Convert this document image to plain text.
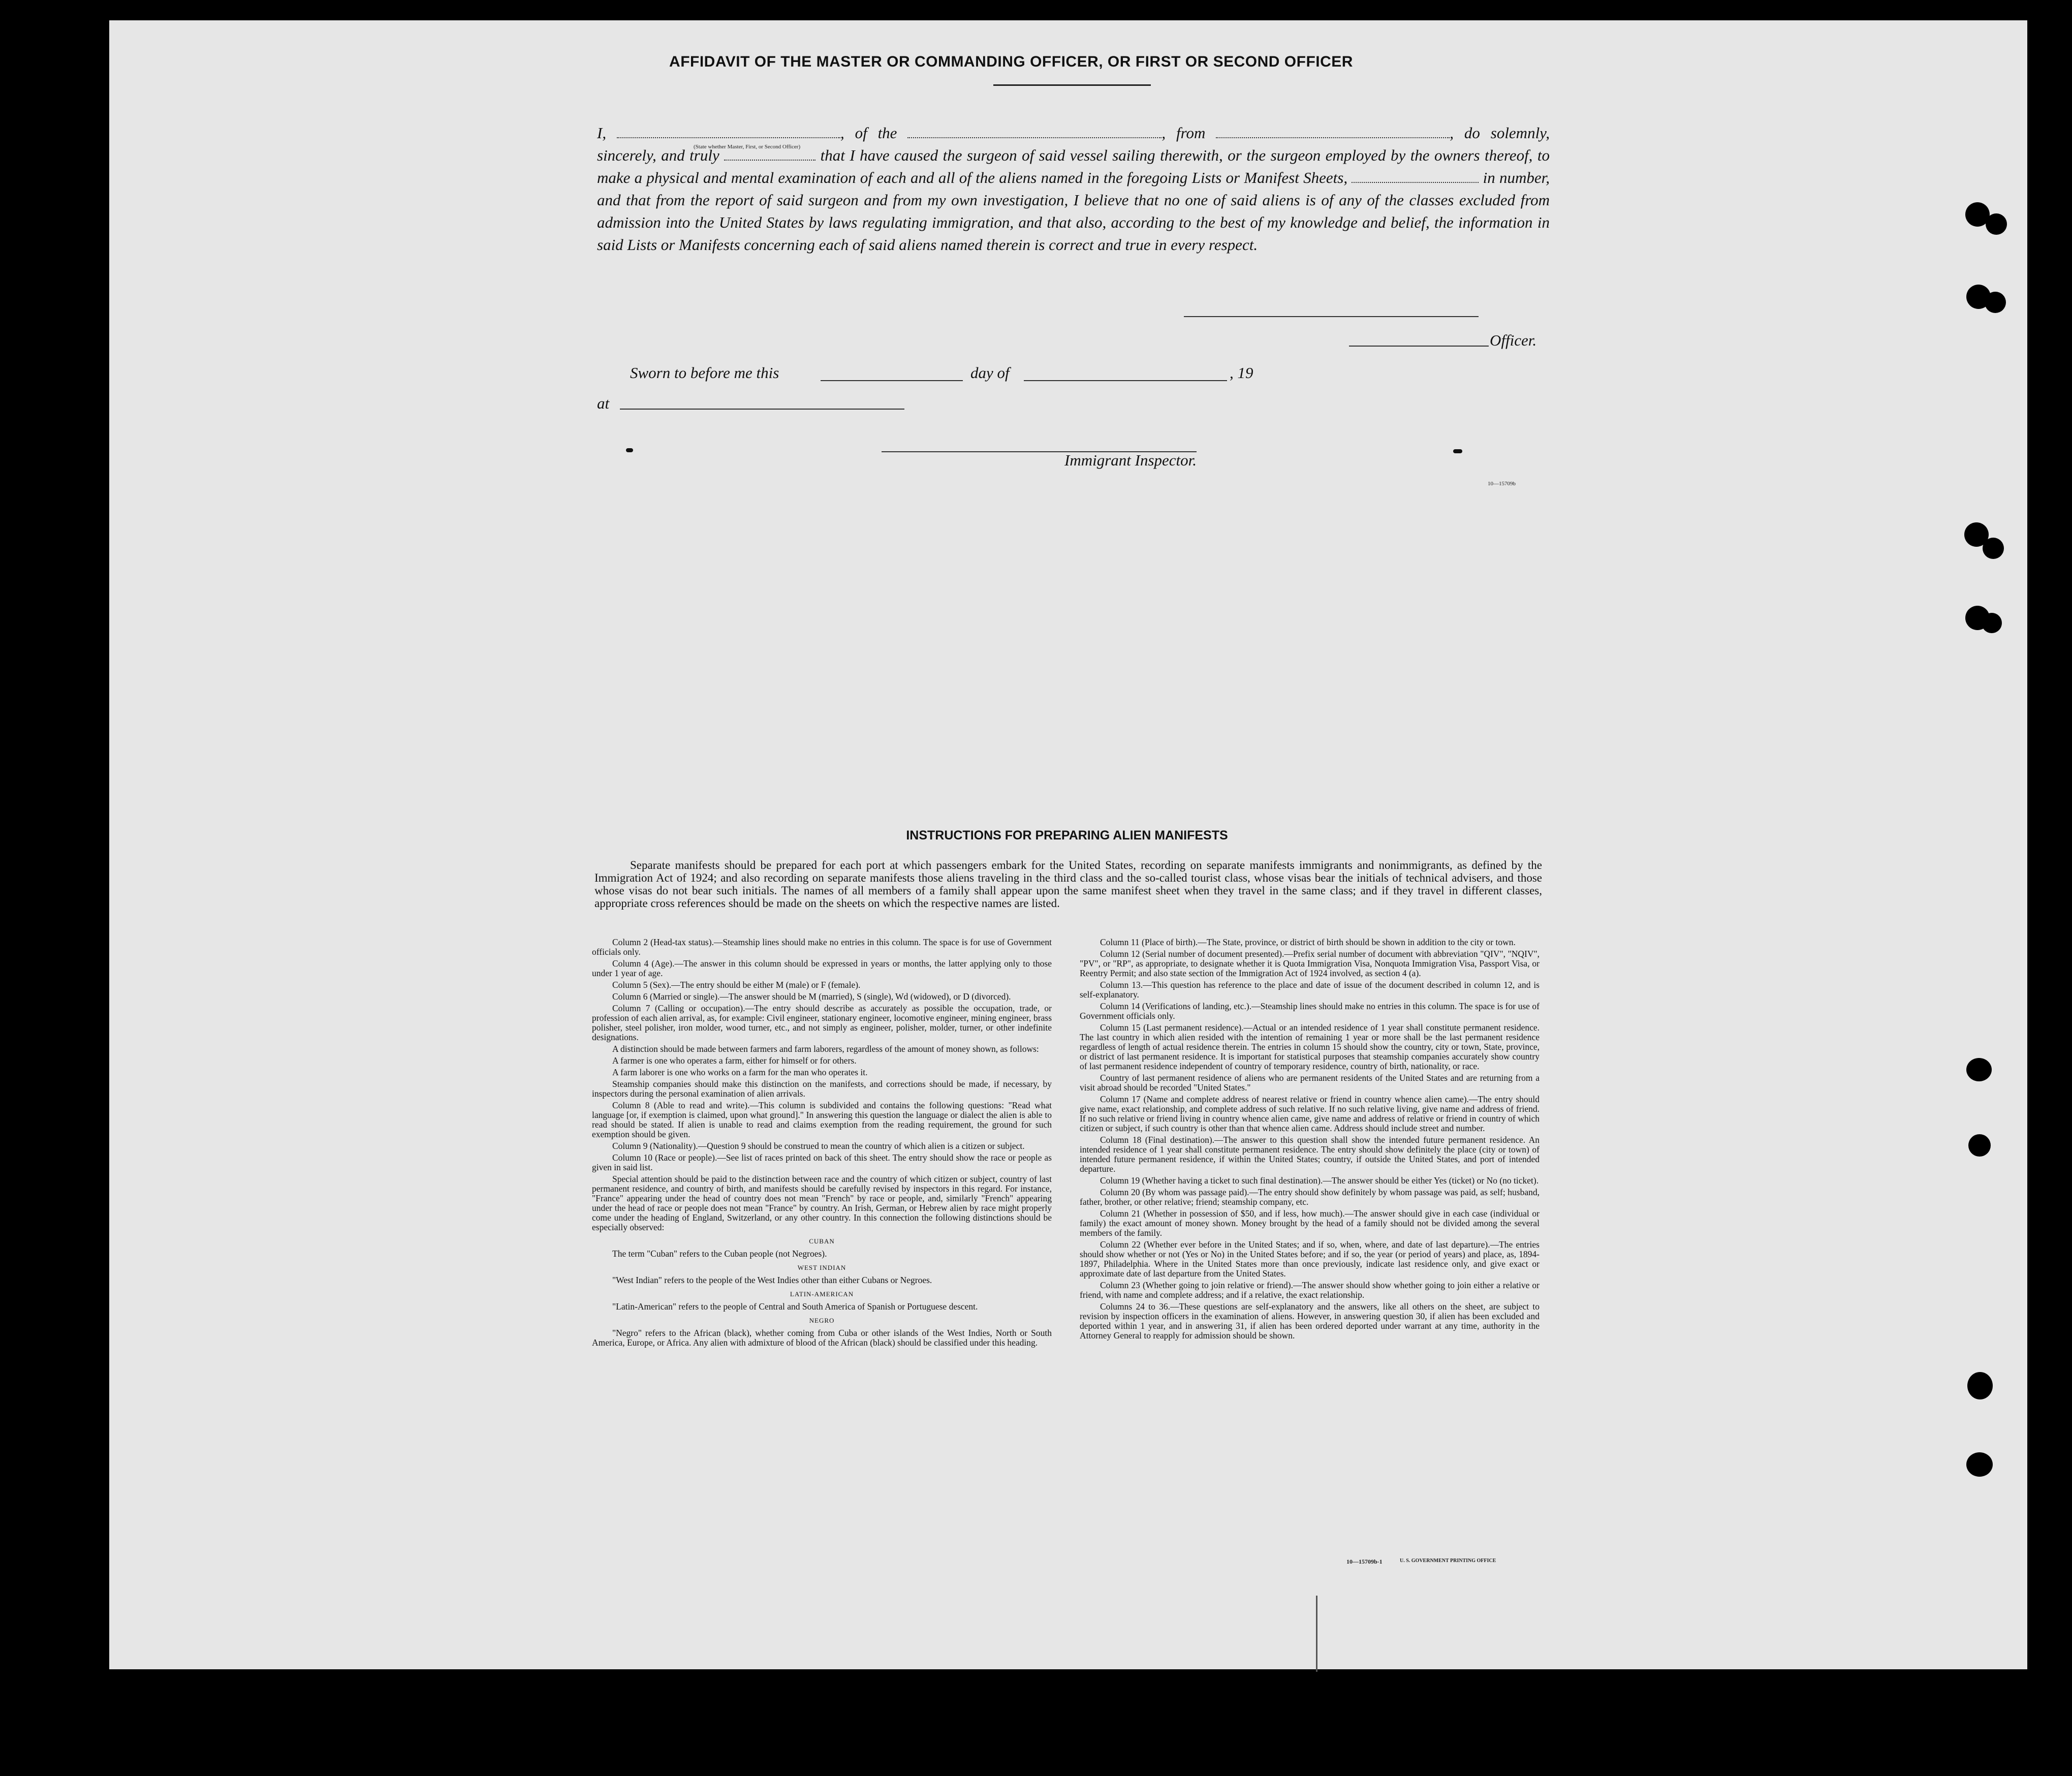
AFFIDAVIT OF THE MASTER OR COMMANDING OFFICER, OR FIRST OR SECOND OFFICER

I,	, of the	, from	, do solemnly, sincerely, and truly	that I have caused the surgeon of said vessel sailing therewith, or the surgeon employed by the owners thereof, to make a physical and mental examination of each and all of the aliens named in the foregoing Lists or Manifest Sheets,	in number, and that from the report of said surgeon and from my own investigation, I believe that no one of said aliens is of any of the classes excluded from admission into the United States by laws regulating immigration, and that also, according to the best of my knowledge and belief, the information in said Lists or Manifests concerning each of said aliens named therein is correct and true in every respect.

(State whether Master, First, or Second Officer)
Officer.
Sworn to before me this	day of	, 19
at
Immigrant Inspector.
10—15709b
INSTRUCTIONS FOR PREPARING ALIEN MANIFESTS

Separate manifests should be prepared for each port at which passengers embark for the United States, recording on separate manifests immigrants and nonimmigrants, as defined by the Immigration Act of 1924; and also recording on separate manifests those aliens traveling in the third class and the so-called tourist class, whose visas bear the initials of technical advisers, and those whose visas do not bear such initials. The names of all members of a family shall appear upon the same manifest sheet when they travel in the same class; and if they travel in different classes, appropriate cross references should be made on the sheets on which the respective names are listed.

Column 2 (Head-tax status).—Steamship lines should make no entries in this column. The space is for use of Government officials only.

Column 4 (Age).—The answer in this column should be expressed in years or months, the latter applying only to those under 1 year of age.

Column 5 (Sex).—The entry should be either M (male) or F (female).

Column 6 (Married or single).—The answer should be M (married), S (single), Wd (widowed), or D (divorced).

Column 7 (Calling or occupation).—The entry should describe as accurately as possible the occupation, trade, or profession of each alien arrival, as, for example: Civil engineer, stationary engineer, locomotive engineer, mining engineer, brass polisher, steel polisher, iron molder, wood turner, etc., and not simply as engineer, polisher, molder, turner, or other indefinite designations.

A distinction should be made between farmers and farm laborers, regardless of the amount of money shown, as follows:

A farmer is one who operates a farm, either for himself or for others.

A farm laborer is one who works on a farm for the man who operates it.

Steamship companies should make this distinction on the manifests, and corrections should be made, if necessary, by inspectors during the personal examination of alien arrivals.

Column 8 (Able to read and write).—This column is subdivided and contains the following questions: "Read what language [or, if exemption is claimed, upon what ground]." In answering this question the language or dialect the alien is able to read should be stated. If alien is unable to read and claims exemption from the reading requirement, the ground for such exemption should be given.

Column 9 (Nationality).—Question 9 should be construed to mean the country of which alien is a citizen or subject.

Column 10 (Race or people).—See list of races printed on back of this sheet. The entry should show the race or people as given in said list.

Special attention should be paid to the distinction between race and the country of which citizen or subject, country of last permanent residence, and country of birth, and manifests should be carefully revised by inspectors in this regard. For instance, "France" appearing under the head of country does not mean "French" by race or people, and, similarly "French" appearing under the head of race or people does not mean "France" by country. An Irish, German, or Hebrew alien by race might properly come under the heading of England, Switzerland, or any other country. In this connection the following distinctions should be especially observed:

CUBAN

The term "Cuban" refers to the Cuban people (not Negroes).

WEST INDIAN

"West Indian" refers to the people of the West Indies other than either Cubans or Negroes.

LATIN-AMERICAN

"Latin-American" refers to the people of Central and South America of Spanish or Portuguese descent.

NEGRO

"Negro" refers to the African (black), whether coming from Cuba or other islands of the West Indies, North or South America, Europe, or Africa. Any alien with admixture of blood of the African (black) should be classified under this heading.

Column 11 (Place of birth).—The State, province, or district of birth should be shown in addition to the city or town.

Column 12 (Serial number of document presented).—Prefix serial number of document with abbreviation "QIV", "NQIV", "PV", or "RP", as appropriate, to designate whether it is Quota Immigration Visa, Nonquota Immigration Visa, Passport Visa, or Reentry Permit; and also state section of the Immigration Act of 1924 involved, as section 4 (a).

Column 13.—This question has reference to the place and date of issue of the document described in column 12, and is self-explanatory.

Column 14 (Verifications of landing, etc.).—Steamship lines should make no entries in this column. The space is for use of Government officials only.

Column 15 (Last permanent residence).—Actual or an intended residence of 1 year shall constitute permanent residence. The last country in which alien resided with the intention of remaining 1 year or more shall be the last permanent residence regardless of length of actual residence therein. The entries in column 15 should show the country, city or town, State, province, or district of last permanent residence. It is important for statistical purposes that steamship companies accurately show country of last permanent residence independent of country of temporary residence, country of birth, nationality, or race.

Country of last permanent residence of aliens who are permanent residents of the United States and are returning from a visit abroad should be recorded "United States."

Column 17 (Name and complete address of nearest relative or friend in country whence alien came).—The entry should give name, exact relationship, and complete address of such relative. If no such relative living, give name and address of friend. If no such relative or friend living in country whence alien came, give name and address of relative or friend in country of which citizen or subject, if such country is other than that whence alien came. Address should include street and number.

Column 18 (Final destination).—The answer to this question shall show the intended future permanent residence. An intended residence of 1 year shall constitute permanent residence. The entry should show definitely the place (city or town) of intended future permanent residence, if within the United States; country, if outside the United States, and port of intended departure.

Column 19 (Whether having a ticket to such final destination).—The answer should be either Yes (ticket) or No (no ticket).

Column 20 (By whom was passage paid).—The entry should show definitely by whom passage was paid, as self; husband, father, brother, or other relative; friend; steamship company, etc.

Column 21 (Whether in possession of $50, and if less, how much).—The answer should give in each case (individual or family) the exact amount of money shown. Money brought by the head of a family should not be divided among the several members of the family.

Column 22 (Whether ever before in the United States; and if so, when, where, and date of last departure).—The entries should show whether or not (Yes or No) in the United States before; and if so, the year (or period of years) and place, as, 1894-1897, Philadelphia. Where in the United States more than once previously, indicate last residence only, and give exact or approximate date of last departure from the United States.

Column 23 (Whether going to join relative or friend).—The answer should show whether going to join either a relative or friend, with name and complete address; and if a relative, the exact relationship.

Columns 24 to 36.—These questions are self-explanatory and the answers, like all others on the sheet, are subject to revision by inspection officers in the examination of aliens. However, in answering question 30, if alien has been excluded and deported within 1 year, and in answering 31, if alien has been ordered deported under warrant at any time, authority in the Attorney General to reapply for admission should be shown.

10—15709b-1	U. S. GOVERNMENT PRINTING OFFICE
